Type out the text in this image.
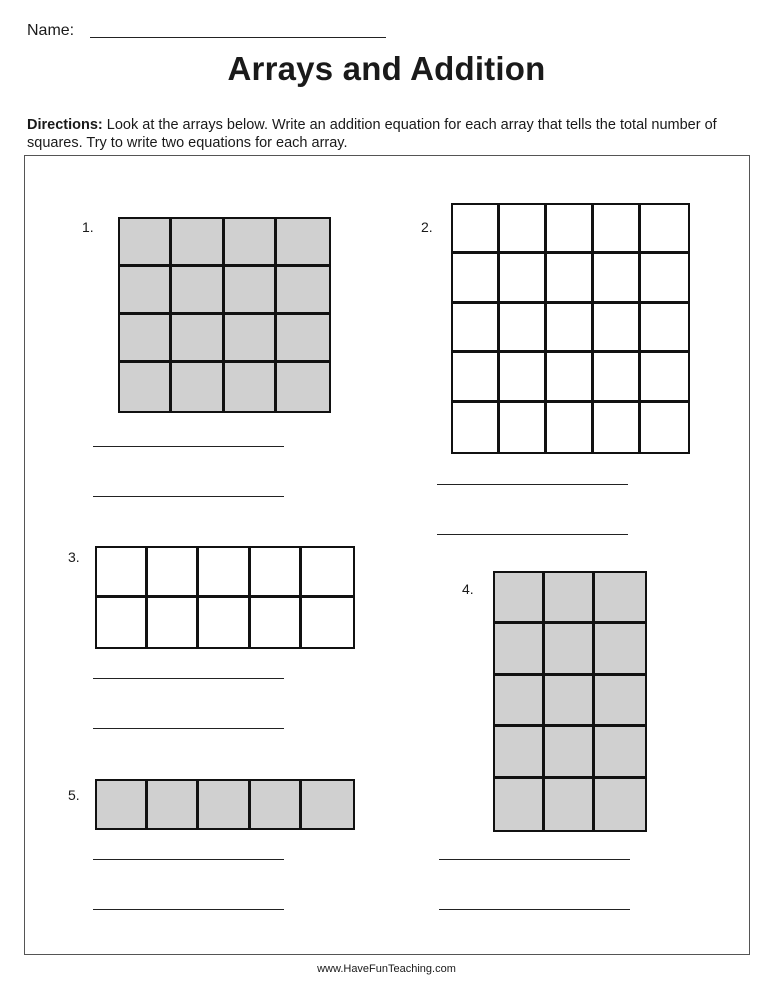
Name:
Arrays and Addition
Directions: Look at the arrays below. Write an addition equation for each array that tells the total number of squares. Try to write two equations for each array.
1.	2.
3.
4.
5.
www.HaveFunTeaching.com
